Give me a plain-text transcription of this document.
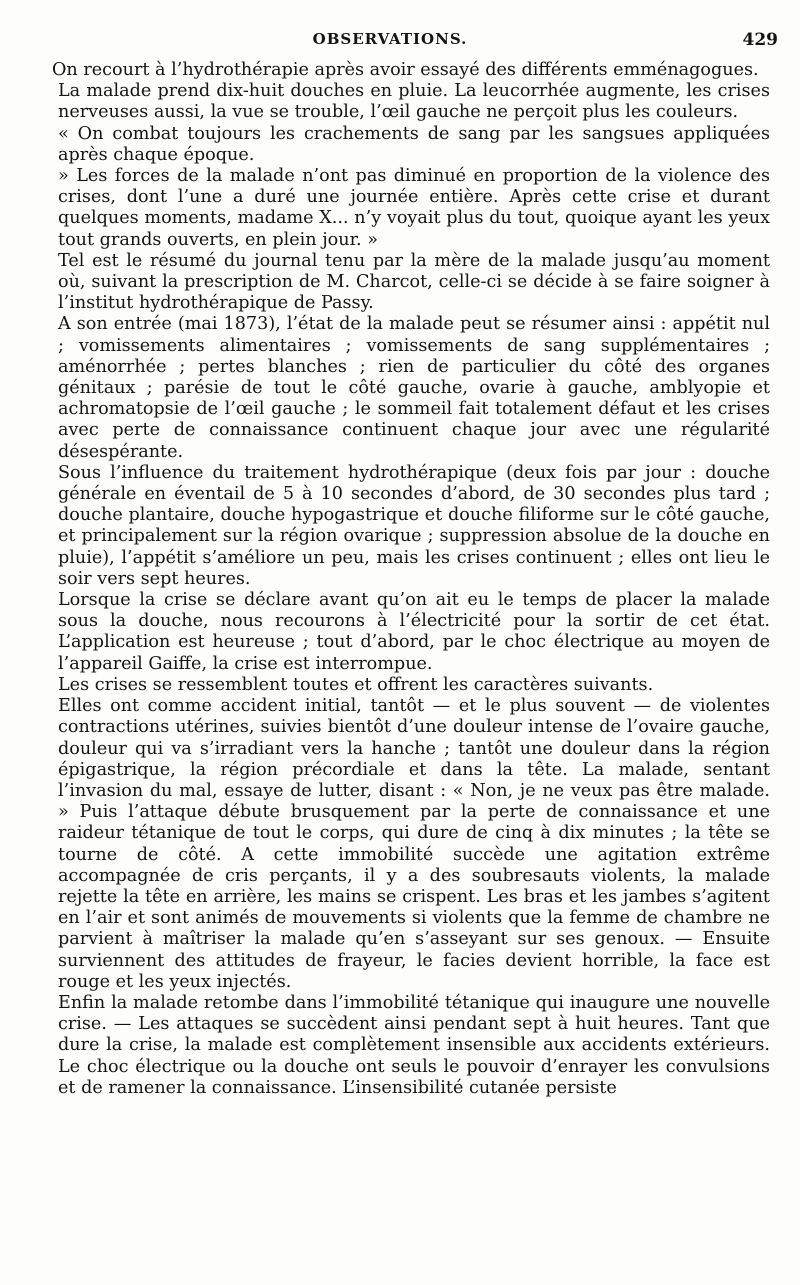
OBSERVATIONS.	429

On recourt à l’hydrothérapie après avoir essayé des différents emménagogues.

La malade prend dix-huit douches en pluie. La leucorrhée augmente, les crises nerveuses aussi, la vue se trouble, l’œil gauche ne perçoit plus les couleurs.

« On combat toujours les crachements de sang par les sangsues appliquées après chaque époque.

» Les forces de la malade n’ont pas diminué en proportion de la violence des crises, dont l’une a duré une journée entière. Après cette crise et durant quelques moments, madame X... n’y voyait plus du tout, quoique ayant les yeux tout grands ouverts, en plein jour. »

Tel est le résumé du journal tenu par la mère de la malade jusqu’au moment où, suivant la prescription de M. Charcot, celle-ci se décide à se faire soigner à l’institut hydrothérapique de Passy.

A son entrée (mai 1873), l’état de la malade peut se résumer ainsi : appétit nul ; vomissements alimentaires ; vomissements de sang supplémentaires ; aménorrhée ; pertes blanches ; rien de particulier du côté des organes génitaux ; parésie de tout le côté gauche, ovarie à gauche, amblyopie et achromatopsie de l’œil gauche ; le sommeil fait totalement défaut et les crises avec perte de connaissance continuent chaque jour avec une régularité désespérante.

Sous l’influence du traitement hydrothérapique (deux fois par jour : douche générale en éventail de 5 à 10 secondes d’abord, de 30 secondes plus tard ; douche plantaire, douche hypogastrique et douche filiforme sur le côté gauche, et principalement sur la région ovarique ; suppression absolue de la douche en pluie), l’appétit s’améliore un peu, mais les crises continuent ; elles ont lieu le soir vers sept heures.

Lorsque la crise se déclare avant qu’on ait eu le temps de placer la malade sous la douche, nous recourons à l’électricité pour la sortir de cet état. L’application est heureuse ; tout d’abord, par le choc électrique au moyen de l’appareil Gaiffe, la crise est interrompue.

Les crises se ressemblent toutes et offrent les caractères suivants.

Elles ont comme accident initial, tantôt — et le plus souvent — de violentes contractions utérines, suivies bientôt d’une douleur intense de l’ovaire gauche, douleur qui va s’irradiant vers la hanche ; tantôt une douleur dans la région épigastrique, la région précordiale et dans la tête. La malade, sentant l’invasion du mal, essaye de lutter, disant : « Non, je ne veux pas être malade. » Puis l’attaque débute brusquement par la perte de connaissance et une raideur tétanique de tout le corps, qui dure de cinq à dix minutes ; la tête se tourne de côté. A cette immobilité succède une agitation extrême accompagnée de cris perçants, il y a des soubresauts violents, la malade rejette la tête en arrière, les mains se crispent. Les bras et les jambes s’agitent en l’air et sont animés de mouvements si violents que la femme de chambre ne parvient à maîtriser la malade qu’en s’asseyant sur ses genoux. — Ensuite surviennent des attitudes de frayeur, le facies devient horrible, la face est rouge et les yeux injectés.

Enfin la malade retombe dans l’immobilité tétanique qui inaugure une nouvelle crise. — Les attaques se succèdent ainsi pendant sept à huit heures. Tant que dure la crise, la malade est complètement insensible aux accidents extérieurs. Le choc électrique ou la douche ont seuls le pouvoir d’enrayer les convulsions et de ramener la connaissance. L’insensibilité cutanée persiste
